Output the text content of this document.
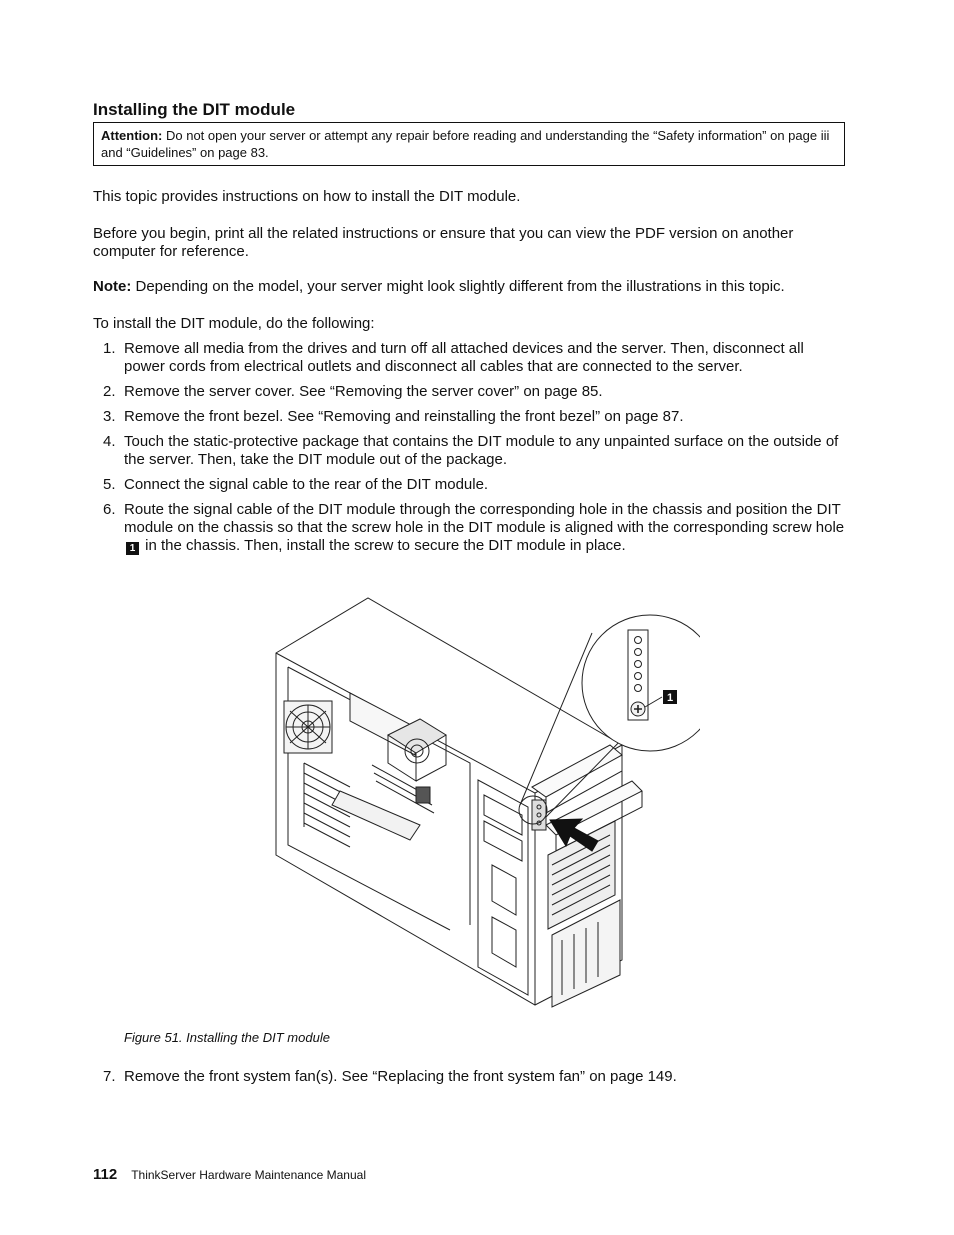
Installing the DIT module
Attention: Do not open your server or attempt any repair before reading and understanding the “Safety information” on page iii and “Guidelines” on page 83.

This topic provides instructions on how to install the DIT module.

Before you begin, print all the related instructions or ensure that you can view the PDF version on another computer for reference.

Note: Depending on the model, your server might look slightly different from the illustrations in this topic.

To install the DIT module, do the following:

1. Remove all media from the drives and turn off all attached devices and the server. Then, disconnect all power cords from electrical outlets and disconnect all cables that are connected to the server.
2. Remove the server cover. See “Removing the server cover” on page 85.
3. Remove the front bezel. See “Removing and reinstalling the front bezel” on page 87.
4. Touch the static-protective package that contains the DIT module to any unpainted surface on the outside of the server. Then, take the DIT module out of the package.
5. Connect the signal cable to the rear of the DIT module.
6. Route the signal cable of the DIT module through the corresponding hole in the chassis and position the DIT module on the chassis so that the screw hole in the DIT module is aligned with the corresponding screw hole 1 in the chassis. Then, install the screw to secure the DIT module in place.
1

Figure 51. Installing the DIT module

7. Remove the front system fan(s). See “Replacing the front system fan” on page 149.
112 ThinkServer Hardware Maintenance Manual
